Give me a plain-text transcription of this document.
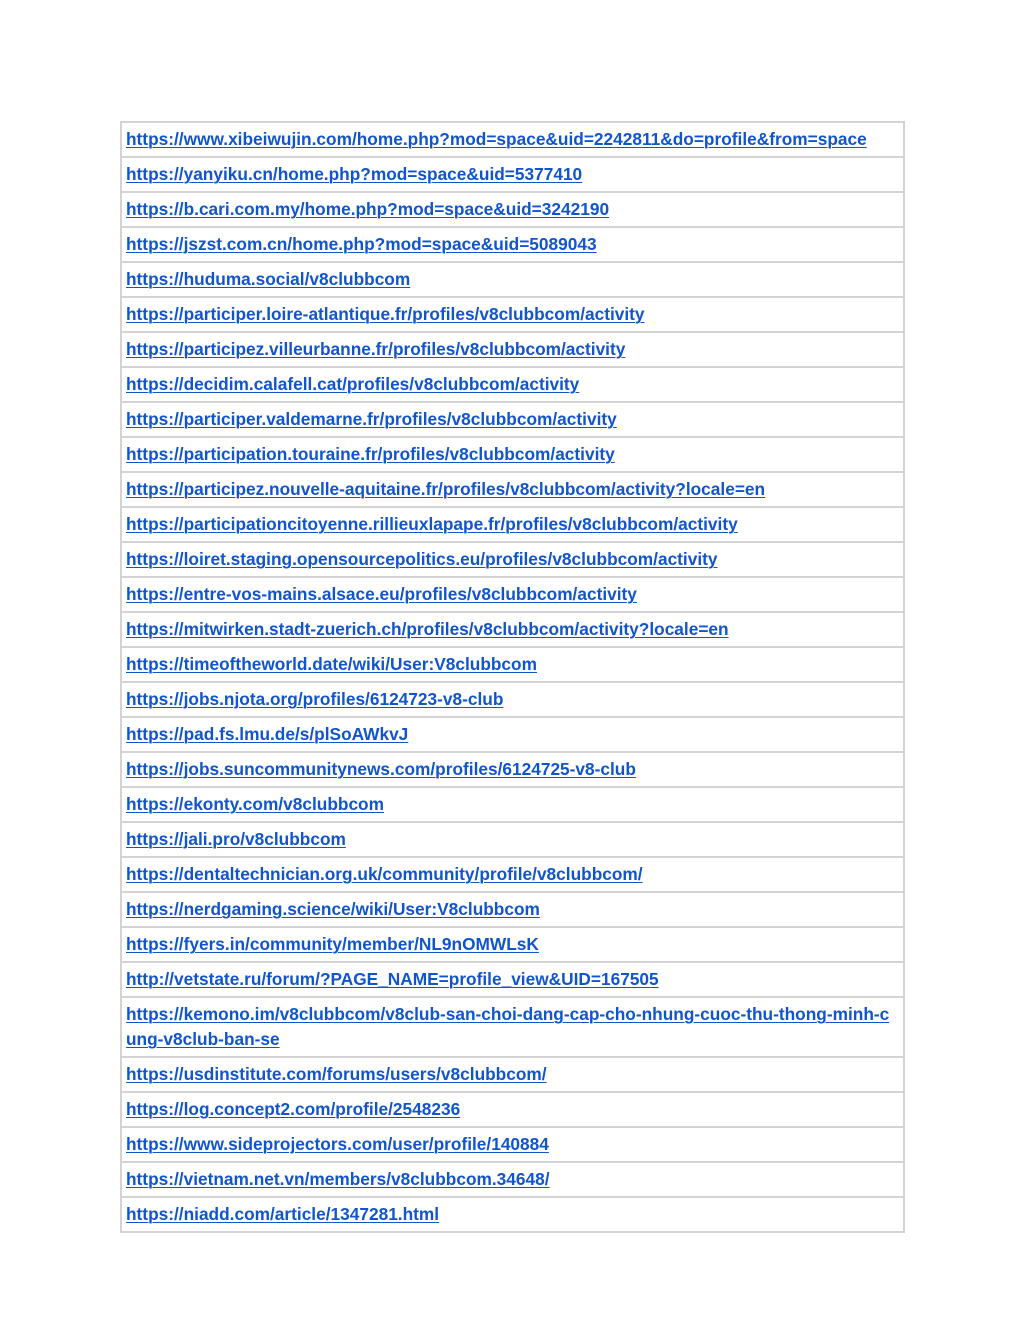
https://www.xibeiwujin.com/home.php?mod=space&uid=2242811&do=profile&from=space
https://yanyiku.cn/home.php?mod=space&uid=5377410
https://b.cari.com.my/home.php?mod=space&uid=3242190
https://jszst.com.cn/home.php?mod=space&uid=5089043
https://huduma.social/v8clubbcom
https://participer.loire-atlantique.fr/profiles/v8clubbcom/activity
https://participez.villeurbanne.fr/profiles/v8clubbcom/activity
https://decidim.calafell.cat/profiles/v8clubbcom/activity
https://participer.valdemarne.fr/profiles/v8clubbcom/activity
https://participation.touraine.fr/profiles/v8clubbcom/activity
https://participez.nouvelle-aquitaine.fr/profiles/v8clubbcom/activity?locale=en
https://participationcitoyenne.rillieuxlapape.fr/profiles/v8clubbcom/activity
https://loiret.staging.opensourcepolitics.eu/profiles/v8clubbcom/activity
https://entre-vos-mains.alsace.eu/profiles/v8clubbcom/activity
https://mitwirken.stadt-zuerich.ch/profiles/v8clubbcom/activity?locale=en
https://timeoftheworld.date/wiki/User:V8clubbcom
https://jobs.njota.org/profiles/6124723-v8-club
https://pad.fs.lmu.de/s/plSoAWkvJ
https://jobs.suncommunitynews.com/profiles/6124725-v8-club
https://ekonty.com/v8clubbcom
https://jali.pro/v8clubbcom
https://dentaltechnician.org.uk/community/profile/v8clubbcom/
https://nerdgaming.science/wiki/User:V8clubbcom
https://fyers.in/community/member/NL9nOMWLsK
http://vetstate.ru/forum/?PAGE_NAME=profile_view&UID=167505
https://kemono.im/v8clubbcom/v8club-san-choi-dang-cap-cho-nhung-cuoc-thu-thong-minh-cung-v8club-ban-se
https://usdinstitute.com/forums/users/v8clubbcom/
https://log.concept2.com/profile/2548236
https://www.sideprojectors.com/user/profile/140884
https://vietnam.net.vn/members/v8clubbcom.34648/
https://niadd.com/article/1347281.html
